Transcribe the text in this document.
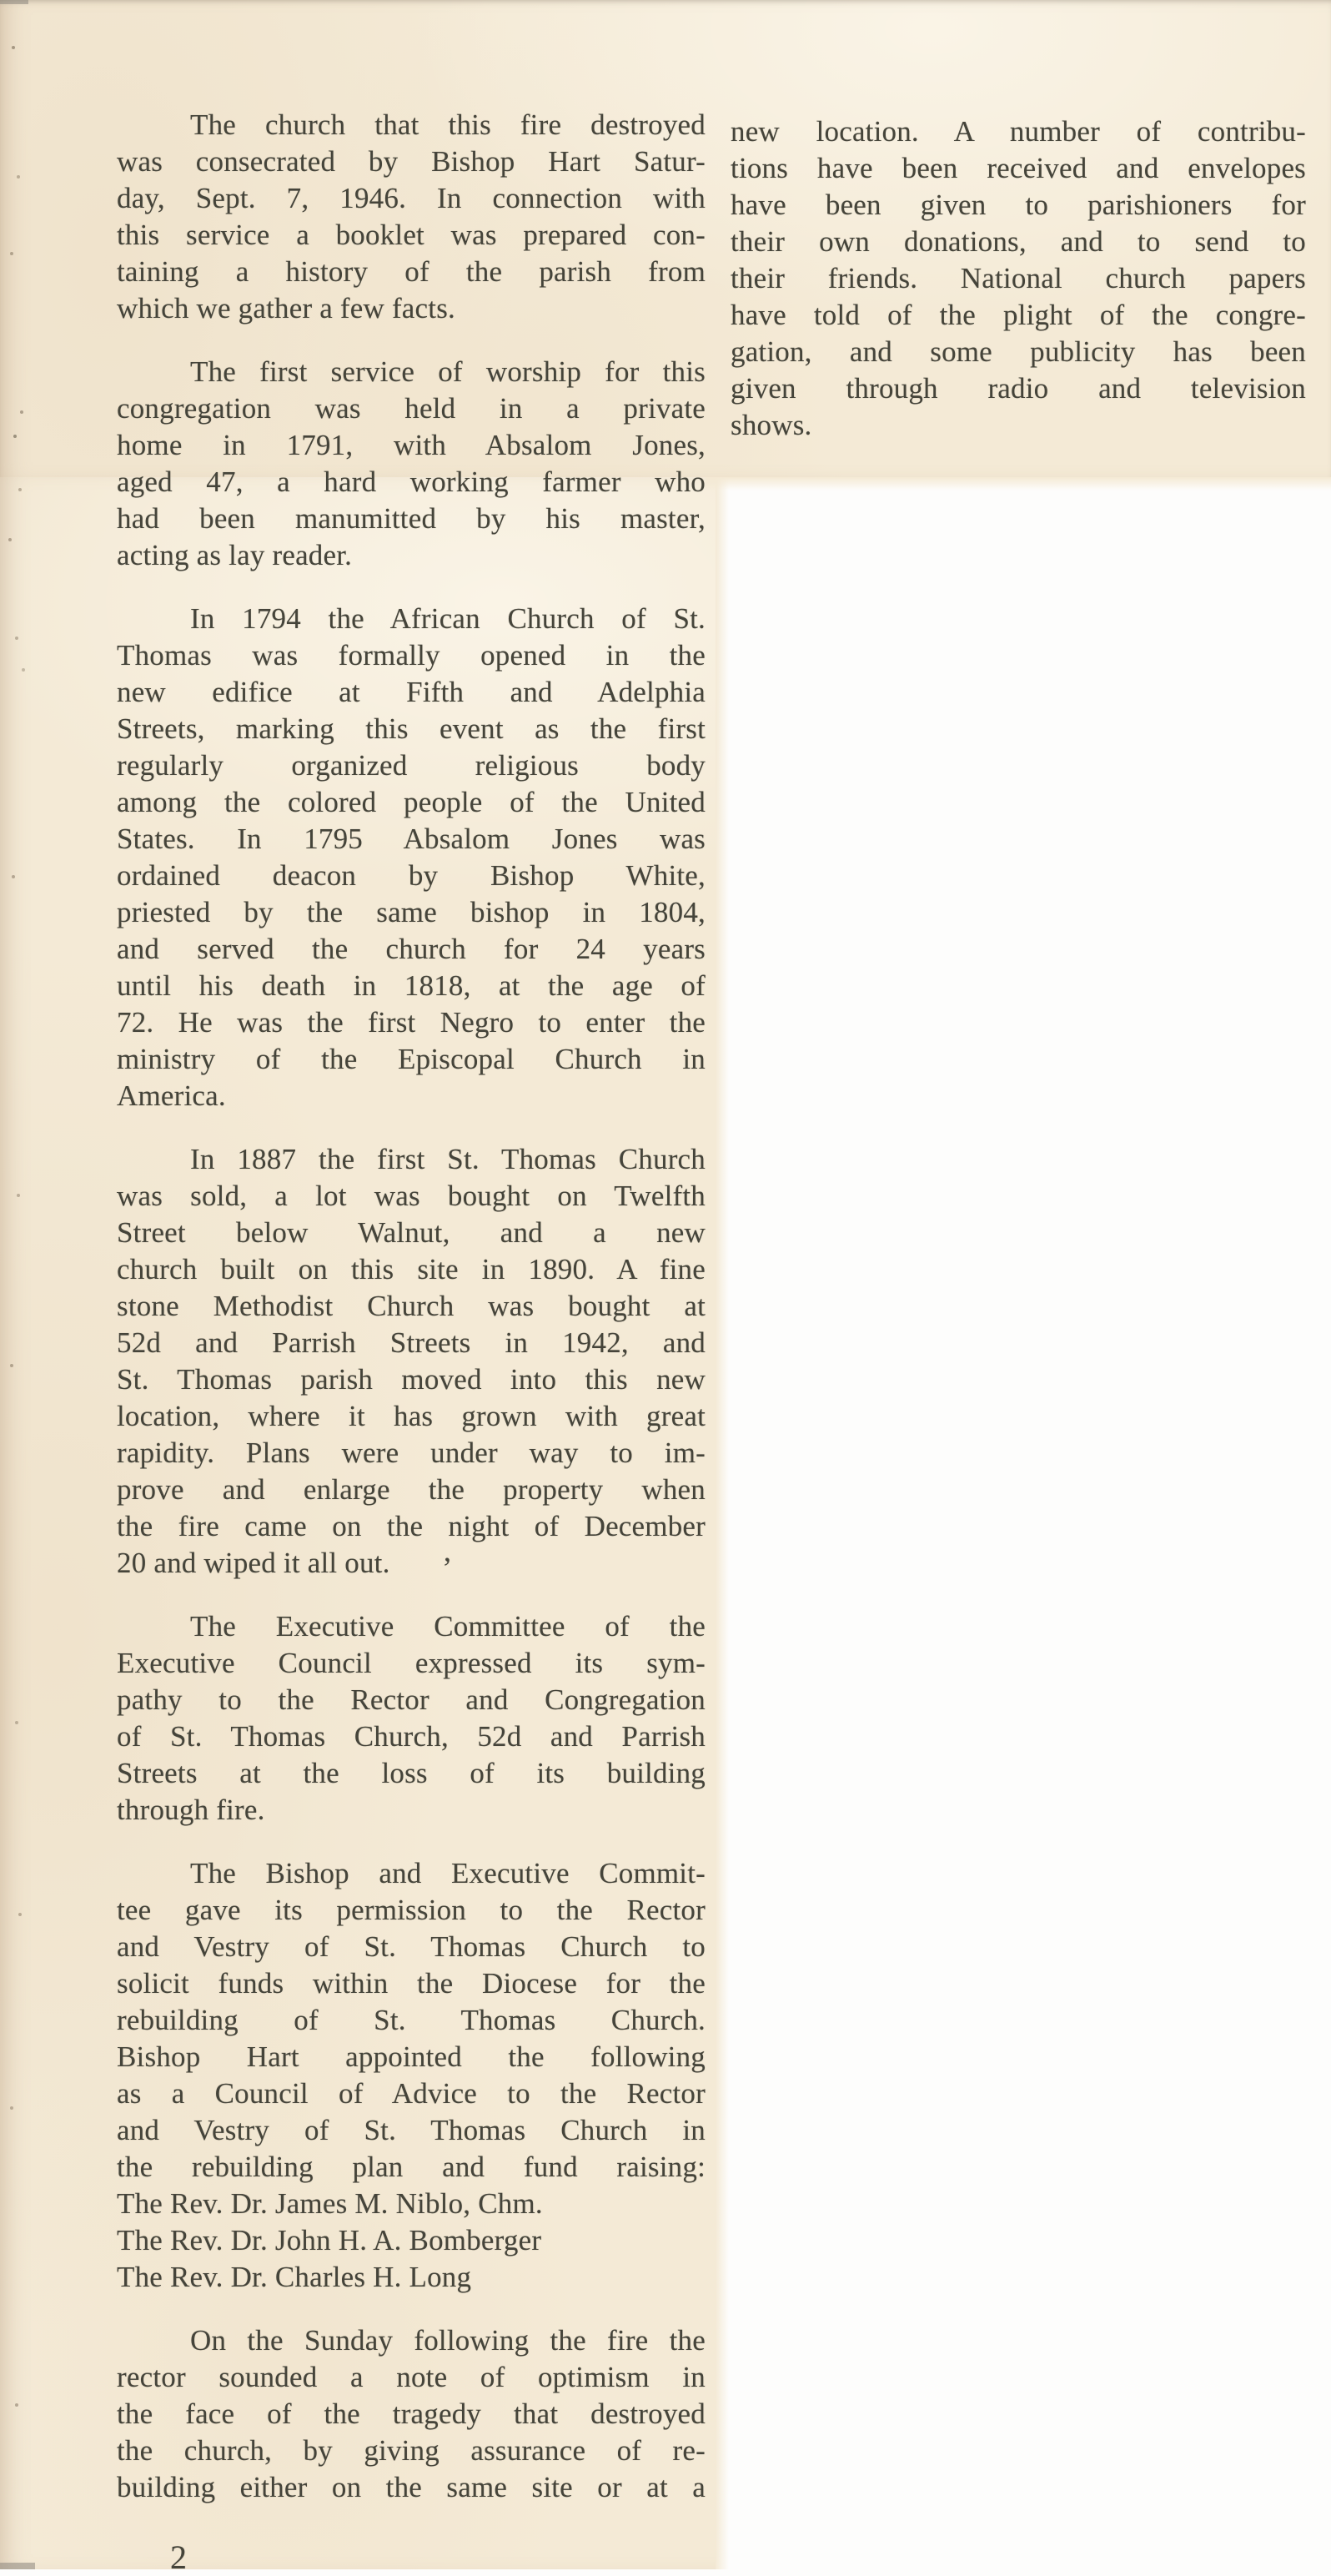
The church that this fire destroyed
was consecrated by Bishop Hart Satur-
day, Sept. 7, 1946. In connection with
this service a booklet was prepared con-
taining a history of the parish from
which we gather a few facts.
The first service of worship for this
congregation was held in a private
home in 1791, with Absalom Jones,
aged 47, a hard working farmer who
had been manumitted by his master,
acting as lay reader.
In 1794 the African Church of St.
Thomas was formally opened in the
new edifice at Fifth and Adelphia
Streets, marking this event as the first
regularly organized religious body
among the colored people of the United
States. In 1795 Absalom Jones was
ordained deacon by Bishop White,
priested by the same bishop in 1804,
and served the church for 24 years
until his death in 1818, at the age of
72. He was the first Negro to enter the
ministry of the Episcopal Church in
America.
In 1887 the first St. Thomas Church
was sold, a lot was bought on Twelfth
Street below Walnut, and a new
church built on this site in 1890. A fine
stone Methodist Church was bought at
52d and Parrish Streets in 1942, and
St. Thomas parish moved into this new
location, where it has grown with great
rapidity. Plans were under way to im-
prove and enlarge the property when
the fire came on the night of December
20 and wiped it all out.
The Executive Committee of the
Executive Council expressed its sym-
pathy to the Rector and Congregation
of St. Thomas Church, 52d and Parrish
Streets at the loss of its building
through fire.
The Bishop and Executive Commit-
tee gave its permission to the Rector
and Vestry of St. Thomas Church to
solicit funds within the Diocese for the
rebuilding of St. Thomas Church.
Bishop Hart appointed the following
as a Council of Advice to the Rector
and Vestry of St. Thomas Church in
the rebuilding plan and fund raising:
The Rev. Dr. James M. Niblo, Chm.
The Rev. Dr. John H. A. Bomberger
The Rev. Dr. Charles H. Long
On the Sunday following the fire the
rector sounded a note of optimism in
the face of the tragedy that destroyed
the church, by giving assurance of re-
building either on the same site or at a
new location. A number of contribu-
tions have been received and envelopes
have been given to parishioners for
their own donations, and to send to
their friends. National church papers
have told of the plight of the congre-
gation, and some publicity has been
given through radio and television
shows.
,
2
